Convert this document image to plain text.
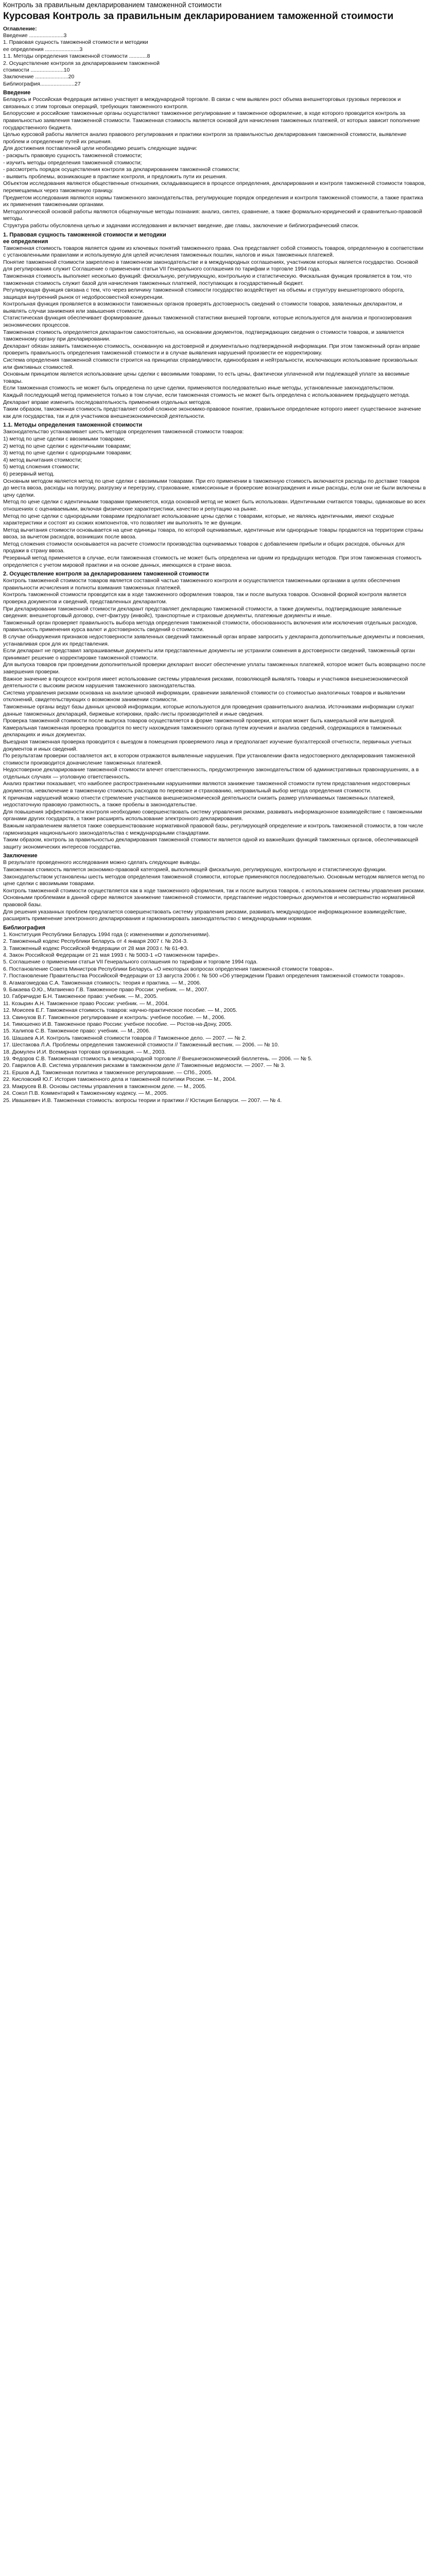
Контроль за правильным декларированием таможенной стоимости
Курсовая Контроль за правильным декларированием таможенной стоимости
Оглавление:

Введение .......................3

1. Правовая сущность таможенной стоимости и методики

ее определения .......................3

1.1. Методы определения таможенной стоимости ............8

2. Осуществление контроля за декларированием таможенной

стоимости ......................10

Заключение ......................20

Библиография.......................27

Введение

Беларусь и Российская Федерация активно участвует в международной торговле. В связи с чем выявлен рост объема внешнеторговых грузовых перевозок и связанных с этим торговых операций, требующих таможенного контроля.

Белорусские и российские таможенные органы осуществляют таможенное регулирование и таможенное оформление, в ходе которого проводится контроль за правильностью заявления таможенной стоимости. Таможенная стоимость является основой для начисления таможенных платежей, от которых зависит пополнение государственного бюджета.

Целью курсовой работы является анализ правового регулирования и практики контроля за правильностью декларирования таможенной стоимости, выявление проблем и определение путей их решения.

Для достижения поставленной цели необходимо решить следующие задачи:

- раскрыть правовую сущность таможенной стоимости;

- изучить методы определения таможенной стоимости;

- рассмотреть порядок осуществления контроля за декларированием таможенной стоимости;

- выявить проблемы, возникающие в практике контроля, и предложить пути их решения.

Объектом исследования являются общественные отношения, складывающиеся в процессе определения, декларирования и контроля таможенной стоимости товаров, перемещаемых через таможенную границу.

Предметом исследования являются нормы таможенного законодательства, регулирующие порядок определения и контроля таможенной стоимости, а также практика их применения таможенными органами.

Методологической основой работы являются общенаучные методы познания: анализ, синтез, сравнение, а также формально-юридический и сравнительно-правовой методы.

Структура работы обусловлена целью и задачами исследования и включает введение, две главы, заключение и библиографический список.

1. Правовая сущность таможенной стоимости и методики
ее определения

Таможенная стоимость товаров является одним из ключевых понятий таможенного права. Она представляет собой стоимость товаров, определенную в соответствии с установленными правилами и используемую для целей исчисления таможенных пошлин, налогов и иных таможенных платежей.

Понятие таможенной стоимости закреплено в таможенном законодательстве и в международных соглашениях, участником которых является государство. Основой для регулирования служит Соглашение о применении статьи VII Генерального соглашения по тарифам и торговле 1994 года.

Таможенная стоимость выполняет несколько функций: фискальную, регулирующую, контрольную и статистическую. Фискальная функция проявляется в том, что таможенная стоимость служит базой для начисления таможенных платежей, поступающих в государственный бюджет.

Регулирующая функция связана с тем, что через величину таможенной стоимости государство воздействует на объемы и структуру внешнеторгового оборота, защищая внутренний рынок от недобросовестной конкуренции.

Контрольная функция проявляется в возможности таможенных органов проверять достоверность сведений о стоимости товаров, заявленных декларантом, и выявлять случаи занижения или завышения стоимости.

Статистическая функция обеспечивает формирование данных таможенной статистики внешней торговли, которые используются для анализа и прогнозирования экономических процессов.

Таможенная стоимость определяется декларантом самостоятельно, на основании документов, подтверждающих сведения о стоимости товаров, и заявляется таможенному органу при декларировании.

Декларант обязан заявить таможенную стоимость, основанную на достоверной и документально подтвержденной информации. При этом таможенный орган вправе проверить правильность определения таможенной стоимости и в случае выявления нарушений произвести ее корректировку.

Система определения таможенной стоимости строится на принципах справедливости, единообразия и нейтральности, исключающих использование произвольных или фиктивных стоимостей.

Основным принципом является использование цены сделки с ввозимыми товарами, то есть цены, фактически уплаченной или подлежащей уплате за ввозимые товары.

Если таможенная стоимость не может быть определена по цене сделки, применяются последовательно иные методы, установленные законодательством.

Каждый последующий метод применяется только в том случае, если таможенная стоимость не может быть определена с использованием предыдущего метода. Декларант вправе изменить последовательность применения отдельных методов.

Таким образом, таможенная стоимость представляет собой сложное экономико-правовое понятие, правильное определение которого имеет существенное значение как для государства, так и для участников внешнеэкономической деятельности.

1.1. Методы определения таможенной стоимости

Законодательство устанавливает шесть методов определения таможенной стоимости товаров:

1) метод по цене сделки с ввозимыми товарами;

2) метод по цене сделки с идентичными товарами;

3) метод по цене сделки с однородными товарами;

4) метод вычитания стоимости;

5) метод сложения стоимости;

6) резервный метод.

Основным методом является метод по цене сделки с ввозимыми товарами. При его применении в таможенную стоимость включаются расходы по доставке товаров до места ввоза, расходы на погрузку, разгрузку и перегрузку, страхование, комиссионные и брокерские вознаграждения и иные расходы, если они не были включены в цену сделки.

Метод по цене сделки с идентичными товарами применяется, когда основной метод не может быть использован. Идентичными считаются товары, одинаковые во всех отношениях с оцениваемыми, включая физические характеристики, качество и репутацию на рынке.

Метод по цене сделки с однородными товарами предполагает использование цены сделки с товарами, которые, не являясь идентичными, имеют сходные характеристики и состоят из схожих компонентов, что позволяет им выполнять те же функции.

Метод вычитания стоимости основывается на цене единицы товара, по которой оцениваемые, идентичные или однородные товары продаются на территории страны ввоза, за вычетом расходов, возникших после ввоза.

Метод сложения стоимости основывается на расчете стоимости производства оцениваемых товаров с добавлением прибыли и общих расходов, обычных для продажи в страну ввоза.

Резервный метод применяется в случае, если таможенная стоимость не может быть определена ни одним из предыдущих методов. При этом таможенная стоимость определяется с учетом мировой практики и на основе данных, имеющихся в стране ввоза.

2. Осуществление контроля за декларированием таможенной стоимости

Контроль таможенной стоимости товаров является составной частью таможенного контроля и осуществляется таможенными органами в целях обеспечения правильности исчисления и полноты взимания таможенных платежей.

Контроль таможенной стоимости проводится как в ходе таможенного оформления товаров, так и после выпуска товаров. Основной формой контроля является проверка документов и сведений, представленных декларантом.

При декларировании таможенной стоимости декларант представляет декларацию таможенной стоимости, а также документы, подтверждающие заявленные сведения: внешнеторговый договор, счет-фактуру (инвойс), транспортные и страховые документы, платежные документы и иные.

Таможенный орган проверяет правильность выбора метода определения таможенной стоимости, обоснованность включения или исключения отдельных расходов, правильность применения курса валют и достоверность сведений о стоимости.

В случае обнаружения признаков недостоверности заявленных сведений таможенный орган вправе запросить у декларанта дополнительные документы и пояснения, устанавливая срок для их представления.

Если декларант не представил запрашиваемые документы или представленные документы не устранили сомнения в достоверности сведений, таможенный орган принимает решение о корректировке таможенной стоимости.

Для выпуска товаров при проведении дополнительной проверки декларант вносит обеспечение уплаты таможенных платежей, которое может быть возвращено после завершения проверки.

Важное значение в процессе контроля имеет использование системы управления рисками, позволяющей выявлять товары и участников внешнеэкономической деятельности с высоким риском нарушения таможенного законодательства.

Система управления рисками основана на анализе ценовой информации, сравнении заявленной стоимости со стоимостью аналогичных товаров и выявлении отклонений, свидетельствующих о возможном занижении стоимости.

Таможенные органы ведут базы данных ценовой информации, которые используются для проведения сравнительного анализа. Источниками информации служат данные таможенных деклараций, биржевые котировки, прайс-листы производителей и иные сведения.

Проверка таможенной стоимости после выпуска товаров осуществляется в форме таможенной проверки, которая может быть камеральной или выездной.

Камеральная таможенная проверка проводится по месту нахождения таможенного органа путем изучения и анализа сведений, содержащихся в таможенных декларациях и иных документах.

Выездная таможенная проверка проводится с выездом в помещения проверяемого лица и предполагает изучение бухгалтерской отчетности, первичных учетных документов и иных сведений.

По результатам проверки составляется акт, в котором отражаются выявленные нарушения. При установлении факта недостоверного декларирования таможенной стоимости производится доначисление таможенных платежей.

Недостоверное декларирование таможенной стоимости влечет ответственность, предусмотренную законодательством об административных правонарушениях, а в отдельных случаях — уголовную ответственность.

Анализ практики показывает, что наиболее распространенными нарушениями являются занижение таможенной стоимости путем представления недостоверных документов, невключение в таможенную стоимость расходов по перевозке и страхованию, неправильный выбор метода определения стоимости.

К причинам нарушений можно отнести стремление участников внешнеэкономической деятельности снизить размер уплачиваемых таможенных платежей, недостаточную правовую грамотность, а также пробелы в законодательстве.

Для повышения эффективности контроля необходимо совершенствовать систему управления рисками, развивать информационное взаимодействие с таможенными органами других государств, а также расширять использование электронного декларирования.

Важным направлением является также совершенствование нормативной правовой базы, регулирующей определение и контроль таможенной стоимости, в том числе гармонизация национального законодательства с международными стандартами.

Таким образом, контроль за правильностью декларирования таможенной стоимости является одной из важнейших функций таможенных органов, обеспечивающей защиту экономических интересов государства.

Заключение

В результате проведенного исследования можно сделать следующие выводы.

Таможенная стоимость является экономико-правовой категорией, выполняющей фискальную, регулирующую, контрольную и статистическую функции.

Законодательством установлены шесть методов определения таможенной стоимости, которые применяются последовательно. Основным методом является метод по цене сделки с ввозимыми товарами.

Контроль таможенной стоимости осуществляется как в ходе таможенного оформления, так и после выпуска товаров, с использованием системы управления рисками.

Основными проблемами в данной сфере являются занижение таможенной стоимости, представление недостоверных документов и несовершенство нормативной правовой базы.

Для решения указанных проблем предлагается совершенствовать систему управления рисками, развивать международное информационное взаимодействие, расширять применение электронного декларирования и гармонизировать законодательство с международными нормами.

Библиография

1. Конституция Республики Беларусь 1994 года (с изменениями и дополнениями).

2. Таможенный кодекс Республики Беларусь от 4 января 2007 г. № 204-З.

3. Таможенный кодекс Российской Федерации от 28 мая 2003 г. № 61-ФЗ.

4. Закон Российской Федерации от 21 мая 1993 г. № 5003-1 «О таможенном тарифе».

5. Соглашение о применении статьи VII Генерального соглашения по тарифам и торговле 1994 года.

6. Постановление Совета Министров Республики Беларусь «О некоторых вопросах определения таможенной стоимости товаров».

7. Постановление Правительства Российской Федерации от 13 августа 2006 г. № 500 «Об утверждении Правил определения таможенной стоимости товаров».

8. Агамагомедова С.А. Таможенная стоимость: теория и практика. — М., 2006.

9. Бакаева О.Ю., Матвиенко Г.В. Таможенное право России: учебник. — М., 2007.

10. Габричидзе Б.Н. Таможенное право: учебник. — М., 2005.

11. Козырин А.Н. Таможенное право России: учебник. — М., 2004.

12. Моисеев Е.Г. Таможенная стоимость товаров: научно-практическое пособие. — М., 2005.

13. Свинухов В.Г. Таможенное регулирование и контроль: учебное пособие. — М., 2006.

14. Тимошенко И.В. Таможенное право России: учебное пособие. — Ростов-на-Дону, 2005.

15. Халипов С.В. Таможенное право: учебник. — М., 2006.

16. Шашаев А.И. Контроль таможенной стоимости товаров // Таможенное дело. — 2007. — № 2.

17. Шестакова Л.А. Проблемы определения таможенной стоимости // Таможенный вестник. — 2006. — № 10.

18. Дюмулен И.И. Всемирная торговая организация. — М., 2003.

19. Федоров С.В. Таможенная стоимость в международной торговле // Внешнеэкономический бюллетень. — 2006. — № 5.

20. Гаврилов А.В. Система управления рисками в таможенном деле // Таможенные ведомости. — 2007. — № 3.

21. Ершов А.Д. Таможенная политика и таможенное регулирование. — СПб., 2005.

22. Кисловский Ю.Г. История таможенного дела и таможенной политики России. — М., 2004.

23. Макрусев В.В. Основы системы управления в таможенном деле. — М., 2005.

24. Сокол П.В. Комментарий к Таможенному кодексу. — М., 2005.

25. Ивашкевич И.В. Таможенная стоимость: вопросы теории и практики // Юстиция Беларуси. — 2007. — № 4.
